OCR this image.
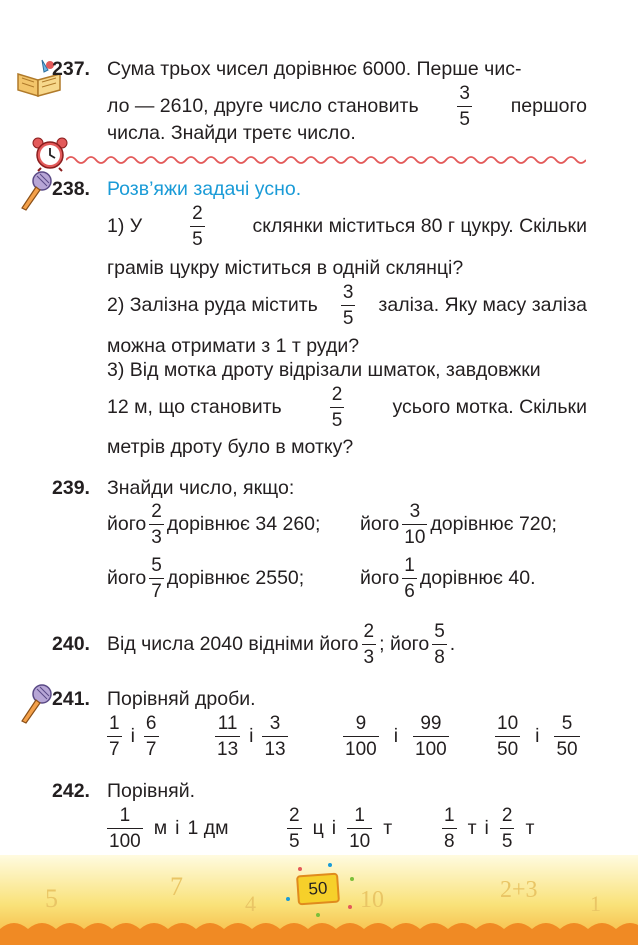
237. Сума трьох чисел дорівнює 6000. Перше чис-
ло — 2610, друге число становить $\frac{3}{5}$ першого
числа. Знайди третє число.
238. Розв’яжи задачі усно.
1) У	$\frac{2}{5}$ склянки міститься 80 г цукру. Скільки
грамів цукру міститься в одній склянці?
2) Залізна руда містить $\frac{3}{5}$ заліза. Яку масу заліза
можна отримати з 1 т руди?
3) Від мотка дроту відрізали шматок, завдовжки
12 м, що становить	$\frac{2}{5}$ усього мотка. Скільки
метрів дроту було в мотку?
239. Знайди число, якщо:
його $\frac{2}{3}$ дорівнює 34 260; його $\frac{3}{10}$ дорівнює 720;
його $\frac{5}{7}$ дорівнює 2550;	його $\frac{1}{6}$ дорівнює 40.
240. Від числа 2040 відніми його $\frac{2}{3}$ ; його $\frac{5}{8}$ .
241. Порівняй дроби.
$\frac{1}{7}$ і $\frac{6}{7}$	$\frac{11}{13}$ і $\frac{3}{13}$	$\frac{9}{100}$ і $\frac{99}{100} \frac{10}{50}$ і $\frac{5}{50}$
242. Порівняй.
$\frac{1}{100}$ м і 1 дм	$\frac{2}{5}$ ц і $\frac{1}{10}$ т	$\frac{1}{8}$ т і $\frac{2}{5}$ т
5	7
4	10	2+3
1
50
